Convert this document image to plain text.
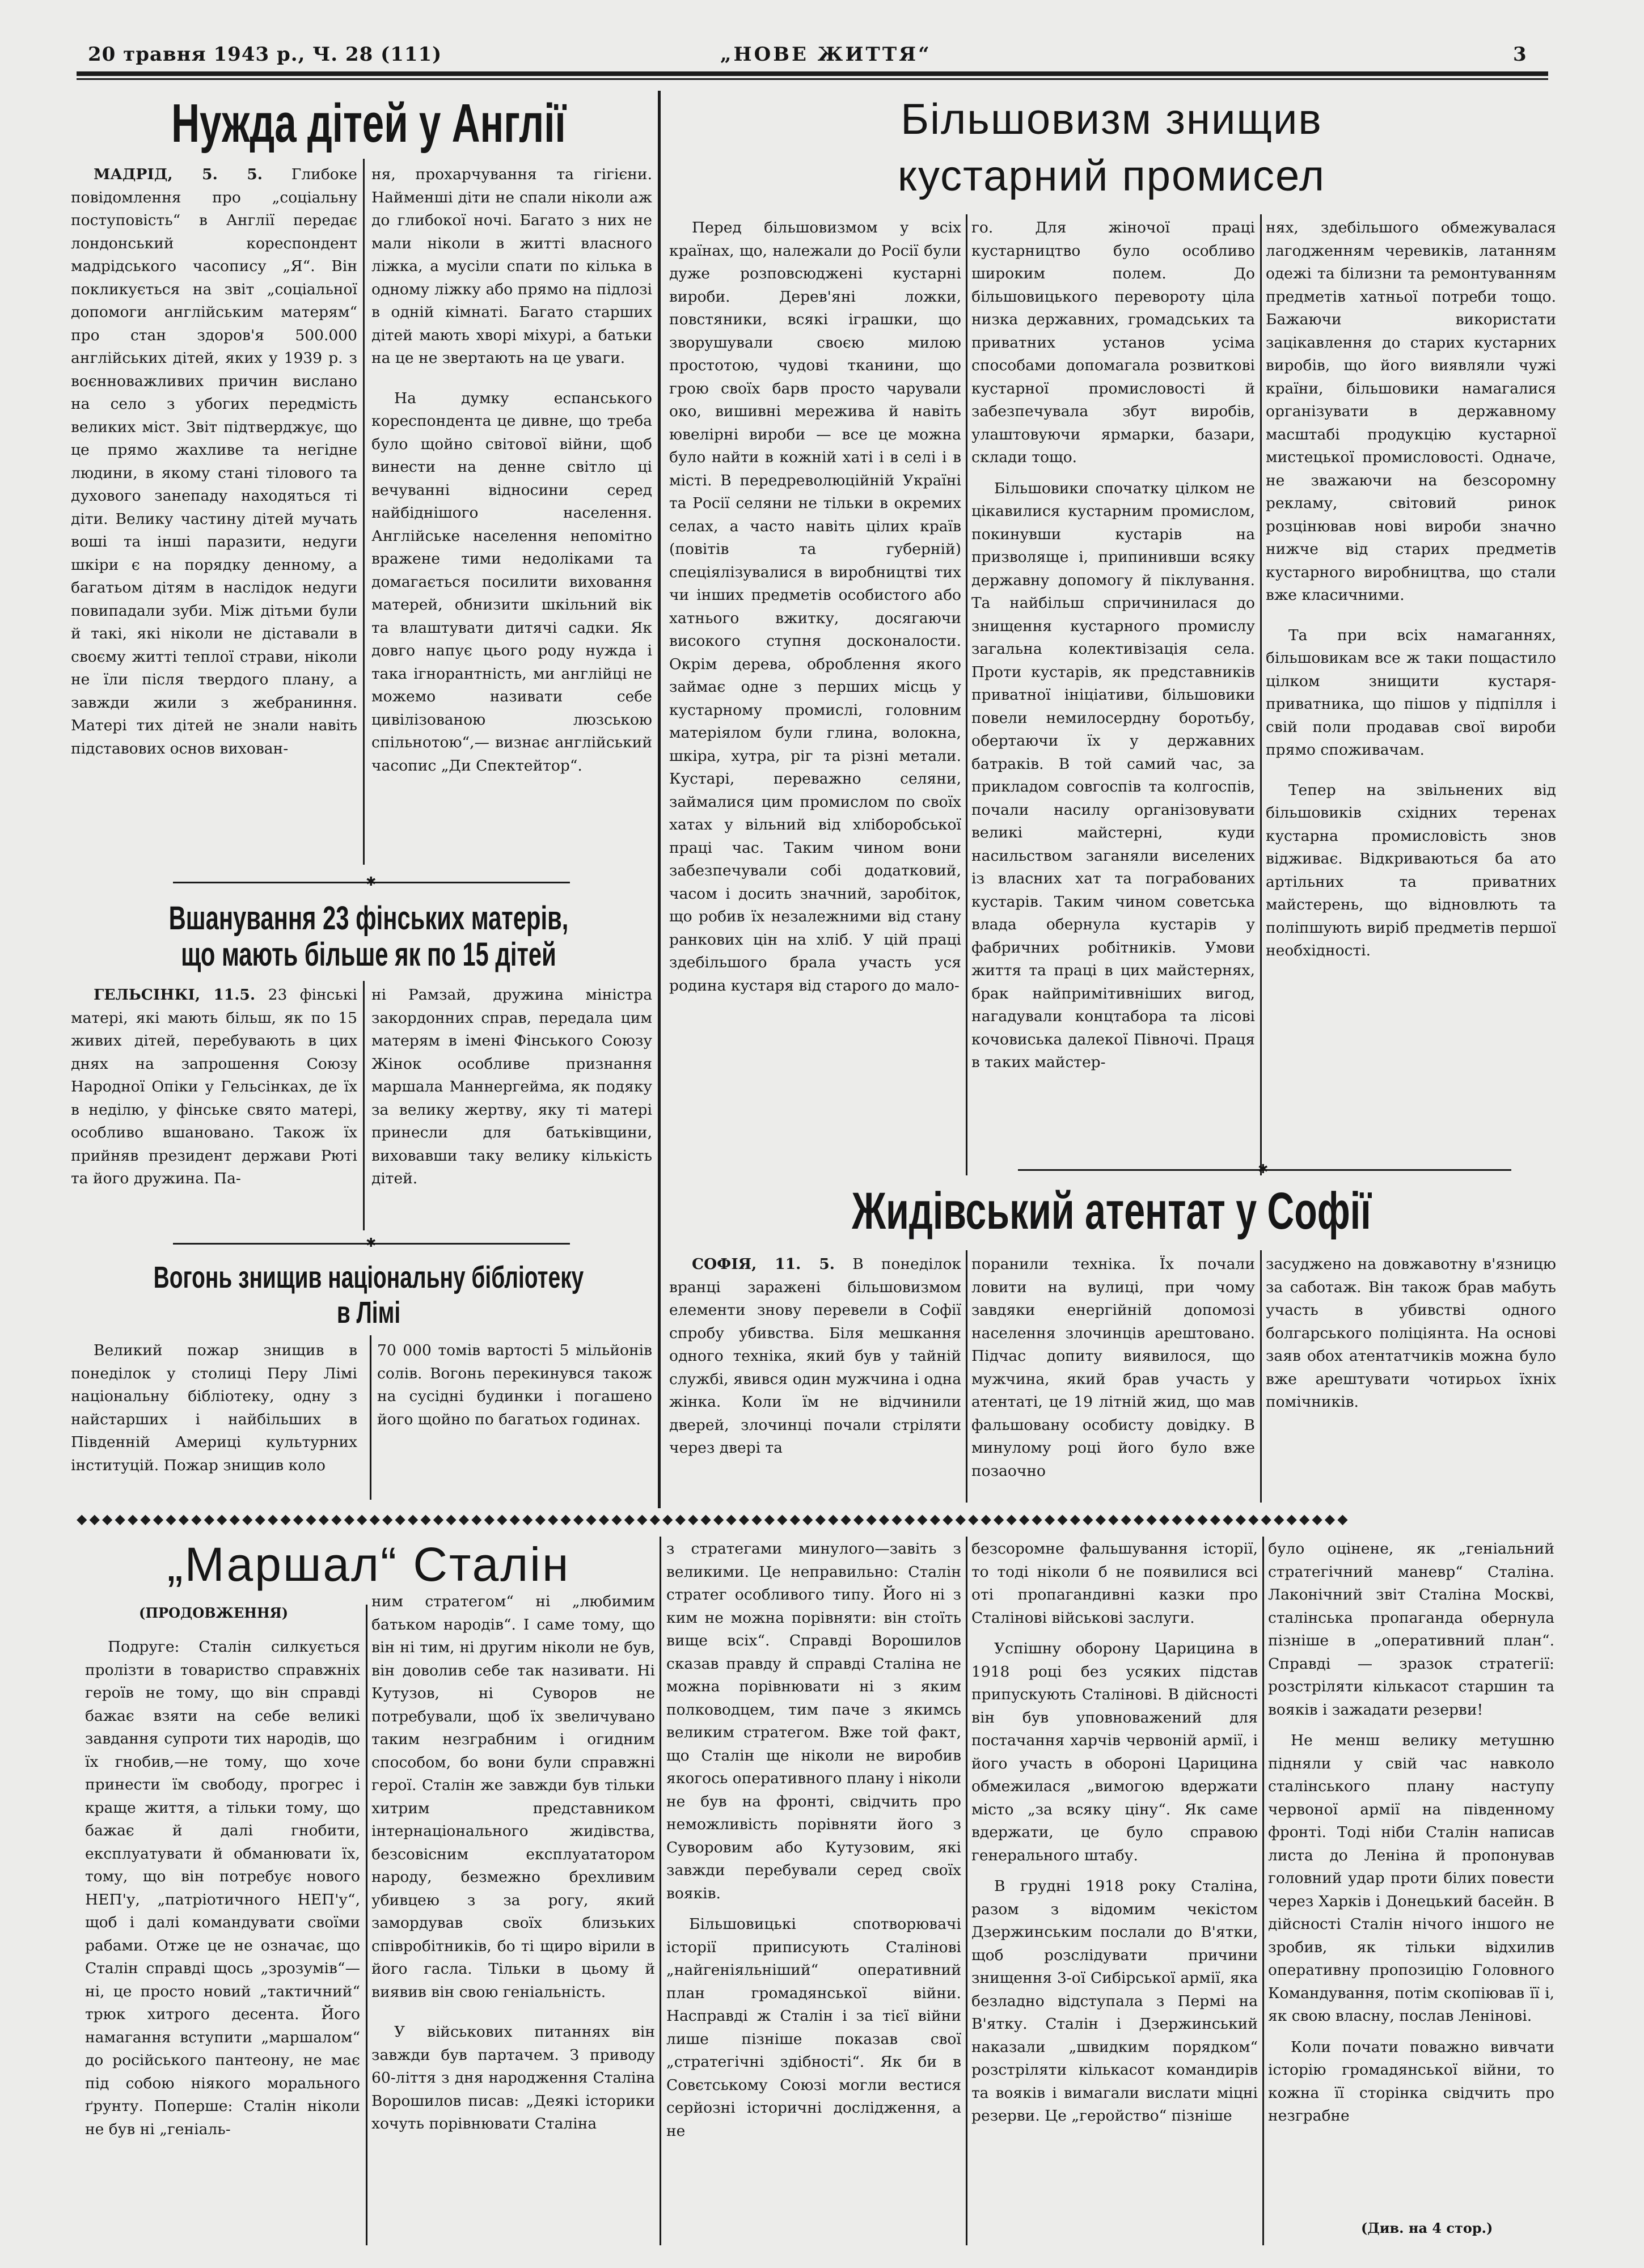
20 травня 1943 р., Ч. 28 (111)	„НОВЕ ЖИТТЯ“	3
Нужда дітей у Англії

МАДРІД, 5. 5. Глибоке повідомлення про „соціальну поступовість“ в Англії передає лондонський кореспондент мадрідського часопису „Я“. Він покликується на звіт „соціальної допомоги англійським матерям“ про стан здоров'я 500.000 англійських дітей, яких у 1939 р. з воєнноважливих причин вислано на село з убогих передмість великих міст. Звіт підтверджує, що це прямо жахливе та негідне людини, в якому стані тілового та духового занепаду находяться ті діти. Велику частину дітей мучать воші та інші паразити, недуги шкіри є на порядку денному, а багатьом дітям в наслідок недуги повипадали зуби. Між дітьми були й такі, які ніколи не діставали в своєму житті теплої страви, ніколи не їли після твердого плану, а завжди жили з жебраниння. Матері тих дітей не знали навіть підставових основ вихован-

ня, прохарчування та гігієни. Найменші діти не спали ніколи аж до глибокої ночі. Багато з них не мали ніколи в житті власного ліжка, а мусіли спати по кілька в одному ліжку або прямо на підлозі в одній кімнаті. Багато старших дітей мають хворі міхурі, а батьки на це не звертають на це уваги.

На думку еспанського кореспондента це дивне, що треба було щойно світової війни, щоб винести на денне світло ці вечуванні відносини серед найбіднішого населення. Англійське населення непомітно вражене тими недоліками та домагається посилити виховання матерей, обнизити шкільний вік та влаштувати дитячі садки. Як довго напує цього роду нужда і така ігнорантність, ми англійці не можемо називати себе цивілізованою люзською спільнотою“,— визнає англійський часопис „Ди Спектейтор“.

✱
Вшанування 23 фінських матерів,
що мають більше як по 15 дітей

ГЕЛЬСІНКІ, 11.5. 23 фінські матері, які мають більш, як по 15 живих дітей, перебувають в цих днях на запрошення Союзу Народної Опіки у Гельсінках, де їх в неділю, у фінське свято матері, особливо вшановано. Також їх прийняв президент держави Рюті та його дружина. Па-

ні Рамзай, дружина міністра закордонних справ, передала цим матерям в імені Фінського Союзу Жінок особливе признання маршала Маннергейма, як подяку за велику жертву, яку ті матері принесли для батьківщини, виховавши таку велику кількість дітей.

✱
Вогонь знищив національну бібліотеку
в Лімі

Великий пожар знищив в понеділок у столиці Перу Лімі національну бібліотеку, одну з найстарших і найбільших в Південній Америці культурних інституцій. Пожар знищив коло

70 000 томів вартості 5 мільйонів солів. Вогонь перекинувся також на сусідні будинки і погашено його щойно по багатьох годинах.

Більшовизм знищив
кустарний промисел

Перед більшовизмом у всіх країнах, що, належали до Росії були дуже розповсюджені кустарні вироби. Дерев'яні ложки, повстяники, всякі іграшки, що зворушували своєю милою простотою, чудові тканини, що грою своїх барв просто чарували око, вишивні мережива й навіть ювелірні вироби — все це можна було найти в кожній хаті і в селі і в місті. В передреволюційній Україні та Росії селяни не тільки в окремих селах, а часто навіть цілих країв (повітів та губерній) спеціялізувалися в виробництві тих чи інших предметів особистого або хатнього вжитку, досягаючи високого ступня досконалости. Окрім дерева, оброблення якого займає одне з перших місць у кустарному промислі, головним матеріялом були глина, волокна, шкіра, хутра, ріг та різні метали. Кустарі, переважно селяни, займалися цим промислом по своїх хатах у вільний від хліборобської праці час. Таким чином вони забезпечували собі додатковий, часом і досить значний, заробіток, що робив їх незалежними від стану ранкових цін на хліб. У цій праці здебільшого брала участь уся родина кустаря від старого до мало-

го. Для жіночої праці кустарництво було особливо широким полем. До більшовицького перевороту ціла низка державних, громадських та приватних установ усіма способами допомагала розвиткові кустарної промисловості й забезпечувала збут виробів, улаштовуючи ярмарки, базари, склади тощо.

Більшовики спочатку цілком не цікавилися кустарним промислом, покинувши кустарів на призволяще і, припинивши всяку державну допомогу й піклування. Та найбільш спричинилася до знищення кустарного промислу загальна колективізація села. Проти кустарів, як представників приватної ініціативи, більшовики повели немилосердну боротьбу, обертаючи їх у державних батраків. В той самий час, за прикладом совгоспів та колгоспів, почали насилу організовувати великі майстерні, куди насильством заганяли виселених із власних хат та пограбованих кустарів. Таким чином советська влада обернула кустарів у фабричних робітників. Умови життя та праці в цих майстернях, брак найпримітивніших вигод, нагадували концтабора та лісові кочовиська далекої Півночі. Праця в таких майстер-

нях, здебільшого обмежувалася лагодженням черевиків, латанням одежі та білизни та ремонтуванням предметів хатньої потреби тощо. Бажаючи використати зацікавлення до старих кустарних виробів, що його виявляли чужі країни, більшовики намагалися організувати в державному масштабі продукцію кустарної мистецької промисловості. Одначе, не зважаючи на безсоромну рекламу, світовий ринок розцінював нові вироби значно нижче від старих предметів кустарного виробництва, що стали вже класичними.

Та при всіх намаганнях, більшовикам все ж таки пощастило цілком знищити кустаря-приватника, що пішов у підпілля і свій поли продавав свої вироби прямо споживачам.

Тепер на звільнених від більшовиків східних теренах кустарна промисловість знов відживає. Відкриваються ба ато артільних та приватних майстерень, що відновлють та поліпшують виріб предметів першої необхідності.

✱
Жидівський атентат у Софії

СОФІЯ, 11. 5. В понеділок вранці заражені більшовизмом елементи знову перевели в Софії спробу убивства. Біля мешкання одного техніка, який був у тайній службі, явився один мужчина і одна жінка. Коли їм не відчинили дверей, злочинці почали стріляти через двері та

поранили техніка. Їх почали ловити на вулиці, при чому завдяки енергійній допомозі населення злочинців арештовано. Підчас допиту виявилося, що мужчина, який брав участь у атентаті, це 19 літній жид, що мав фальшовану особисту довідку. В минулому році його було вже позаочно

засуджено на довжавотну в'язницю за саботаж. Він також брав мабуть участь в убивстві одного болгарського поліціянта. На основі заяв обох атентатчиків можна було вже арештувати чотирьох їхніх помічників.

◆◆◆◆◆◆◆◆◆◆◆◆◆◆◆◆◆◆◆◆◆◆◆◆◆◆◆◆◆◆◆◆◆◆◆◆◆◆◆◆◆◆◆◆◆◆◆◆◆◆◆◆◆◆◆◆◆◆◆◆◆◆◆◆◆◆◆◆◆◆◆◆◆◆◆◆◆◆◆◆◆◆◆◆◆◆◆◆◆◆◆◆◆◆◆◆◆◆◆◆
„Маршал“ Сталін
(ПРОДОВЖЕННЯ)

Подруге: Сталін силкується пролізти в товариство справжніх героїв не тому, що він справді бажає взяти на себе великі завдання супроти тих народів, що їх гнобив,—не тому, що хоче принести їм свободу, прогрес і краще життя, а тільки тому, що бажає й далі гнобити, експлуатувати й обманювати їх, тому, що він потребує нового НЕП'у, „патріотичного НЕП'у“, щоб і далі командувати своїми рабами. Отже це не означає, що Сталін справді щось „зрозумів“—ні, це просто новий „тактичний“ трюк хитрого десента. Його намагання вступити „маршалом“ до російського пантеону, не має під собою ніякого морального ґрунту. Поперше: Сталін ніколи не був ні „геніаль-

ним стратегом“ ні „любимим батьком народів“. І саме тому, що він ні тим, ні другим ніколи не був, він доволив себе так називати. Ні Кутузов, ні Суворов не потребували, щоб їх звеличувано таким незграбним і огидним способом, бо вони були справжні герої. Сталін же завжди був тільки хитрим представником інтернаціонального жидівства, безсовісним експлуататором народу, безмежно брехливим убивцею з за рогу, який замордував своїх близьких співробітників, бо ті щиро вірили в його гасла. Тільки в цьому й виявив він свою геніальність.

У військових питаннях він завжди був партачем. З приводу 60-ліття з дня народження Сталіна Ворошилов писав: „Деякі історики хочуть порівнювати Сталіна

з стратегами минулого—завіть з великими. Це неправильно: Сталін стратег особливого типу. Його ні з ким не можна порівняти: він стоїть вище всіх“. Справді Ворошилов сказав правду й справді Сталіна не можна порівнювати ні з яким полководцем, тим паче з якимсь великим стратегом. Вже той факт, що Сталін ще ніколи не виробив якогось оперативного плану і ніколи не був на фронті, свідчить про неможливість порівняти його з Суворовим або Кутузовим, які завжди перебували серед своїх вояків.

Більшовицькі спотворювачі історії приписують Сталінові „найгеніяльніший“ оперативний план громадянської війни. Насправді ж Сталін і за тієї війни лише пізніше показав свої „стратегічні здібності“. Як би в Совєтському Союзі могли вестися серйозні історичні дослідження, а не

безсоромне фальшування історії, то тоді ніколи б не появилися всі оті пропагандивні казки про Сталінові військові заслуги.

Успішну оборону Царицина в 1918 році без усяких підстав припускують Сталінові. В дійсності він був уповноважений для постачання харчів червоній армії, і його участь в обороні Царицина обмежилася „вимогою вдержати місто „за всяку ціну“. Як саме вдержати, це було справою генерального штабу.

В грудні 1918 року Сталіна, разом з відомим чекістом Дзержинським послали до В'ятки, щоб розслідувати причини знищення 3-ої Сибірської армії, яка безладно відступала з Пермі на В'ятку. Сталін і Дзержинський наказали „швидким порядком“ розстріляти кількасот командирів та вояків і вимагали вислати міцні резерви. Це „геройство“ пізніше

було оцінене, як „геніальний стратегічний маневр“ Сталіна. Лаконічний звіт Сталіна Москві, сталінська пропаганда обернула пізніше в „оперативний план“. Справді — зразок стратегії: розстріляти кількасот старшин та вояків і зажадати резерви!

Не менш велику метушню підняли у свій час навколо сталінського плану наступу червоної армії на південному фронті. Тоді ніби Сталін написав листа до Леніна й пропонував головний удар проти білих повести через Харків і Донецький басейн. В дійсності Сталін нічого іншого не зробив, як тільки відхилив оперативну пропозицію Головного Командування, потім скопіював її і, як свою власну, послав Ленінові.

Коли почати поважно вивчати історію громадянської війни, то кожна її сторінка свідчить про незграбне

(Див. на 4 стор.)
